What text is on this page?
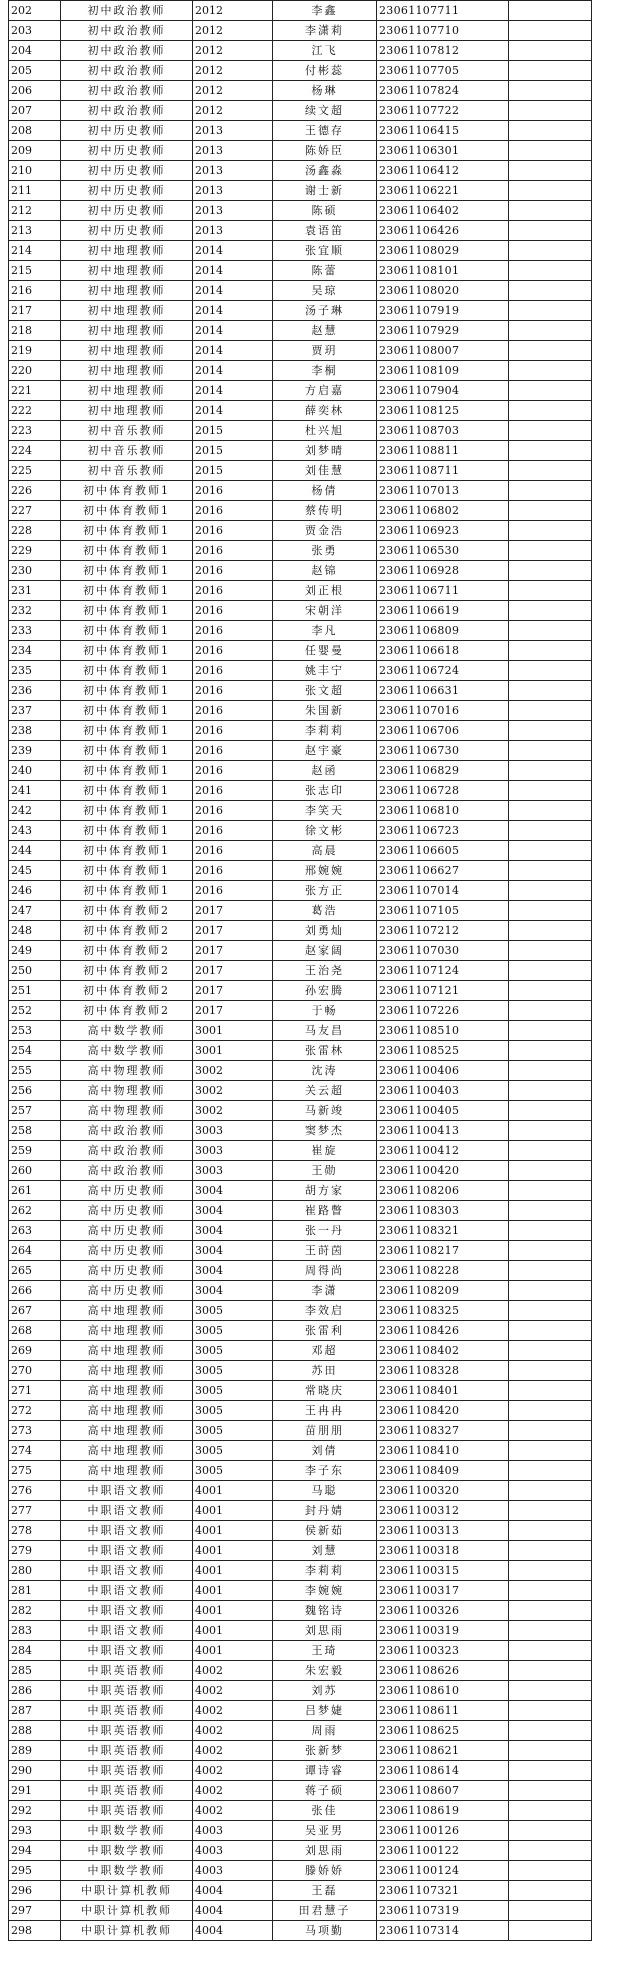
202	初中政治教师	2012	李鑫	23061107711	
203	初中政治教师	2012	李潇莉	23061107710	
204	初中政治教师	2012	江飞	23061107812	
205	初中政治教师	2012	付彬蕊	23061107705	
206	初中政治教师	2012	杨琳	23061107824	
207	初中政治教师	2012	续文超	23061107722	
208	初中历史教师	2013	王德存	23061106415	
209	初中历史教师	2013	陈娇臣	23061106301	
210	初中历史教师	2013	汤鑫淼	23061106412	
211	初中历史教师	2013	谢士新	23061106221	
212	初中历史教师	2013	陈硕	23061106402	
213	初中历史教师	2013	袁语笛	23061106426	
214	初中地理教师	2014	张宜顺	23061108029	
215	初中地理教师	2014	陈蕾	23061108101	
216	初中地理教师	2014	吴琼	23061108020	
217	初中地理教师	2014	汤子琳	23061107919	
218	初中地理教师	2014	赵慧	23061107929	
219	初中地理教师	2014	贾玥	23061108007	
220	初中地理教师	2014	李桐	23061108109	
221	初中地理教师	2014	方启嘉	23061107904	
222	初中地理教师	2014	薛奕林	23061108125	
223	初中音乐教师	2015	杜兴旭	23061108703	
224	初中音乐教师	2015	刘梦晴	23061108811	
225	初中音乐教师	2015	刘佳慧	23061108711	
226	初中体育教师1	2016	杨倩	23061107013	
227	初中体育教师1	2016	蔡传明	23061106802	
228	初中体育教师1	2016	贾金浩	23061106923	
229	初中体育教师1	2016	张勇	23061106530	
230	初中体育教师1	2016	赵锦	23061106928	
231	初中体育教师1	2016	刘正根	23061106711	
232	初中体育教师1	2016	宋朝洋	23061106619	
233	初中体育教师1	2016	李凡	23061106809	
234	初中体育教师1	2016	任婴曼	23061106618	
235	初中体育教师1	2016	姚丰宁	23061106724	
236	初中体育教师1	2016	张文超	23061106631	
237	初中体育教师1	2016	朱国新	23061107016	
238	初中体育教师1	2016	李莉莉	23061106706	
239	初中体育教师1	2016	赵宇豪	23061106730	
240	初中体育教师1	2016	赵函	23061106829	
241	初中体育教师1	2016	张志印	23061106728	
242	初中体育教师1	2016	李笑天	23061106810	
243	初中体育教师1	2016	徐文彬	23061106723	
244	初中体育教师1	2016	高晨	23061106605	
245	初中体育教师1	2016	邢婉婉	23061106627	
246	初中体育教师1	2016	张方正	23061107014	
247	初中体育教师2	2017	葛浩	23061107105	
248	初中体育教师2	2017	刘勇灿	23061107212	
249	初中体育教师2	2017	赵家阔	23061107030	
250	初中体育教师2	2017	王治尧	23061107124	
251	初中体育教师2	2017	孙宏腾	23061107121	
252	初中体育教师2	2017	于畅	23061107226	
253	高中数学教师	3001	马友昌	23061108510	
254	高中数学教师	3001	张雷林	23061108525	
255	高中物理教师	3002	沈涛	23061100406	
256	高中物理教师	3002	关云超	23061100403	
257	高中物理教师	3002	马新竣	23061100405	
258	高中政治教师	3003	窦梦杰	23061100413	
259	高中政治教师	3003	崔旋	23061100412	
260	高中政治教师	3003	王勋	23061100420	
261	高中历史教师	3004	胡方家	23061108206	
262	高中历史教师	3004	崔路瞥	23061108303	
263	高中历史教师	3004	张一丹	23061108321	
264	高中历史教师	3004	王莳茵	23061108217	
265	高中历史教师	3004	周得尚	23061108228	
266	高中历史教师	3004	李潇	23061108209	
267	高中地理教师	3005	李效启	23061108325	
268	高中地理教师	3005	张雷利	23061108426	
269	高中地理教师	3005	邓超	23061108402	
270	高中地理教师	3005	苏田	23061108328	
271	高中地理教师	3005	常晓庆	23061108401	
272	高中地理教师	3005	王冉冉	23061108420	
273	高中地理教师	3005	苗朋朋	23061108327	
274	高中地理教师	3005	刘倩	23061108410	
275	高中地理教师	3005	李子东	23061108409	
276	中职语文教师	4001	马聪	23061100320	
277	中职语文教师	4001	封丹婧	23061100312	
278	中职语文教师	4001	侯新茹	23061100313	
279	中职语文教师	4001	刘慧	23061100318	
280	中职语文教师	4001	李莉莉	23061100315	
281	中职语文教师	4001	李婉婉	23061100317	
282	中职语文教师	4001	魏铭诗	23061100326	
283	中职语文教师	4001	刘思雨	23061100319	
284	中职语文教师	4001	王琦	23061100323	
285	中职英语教师	4002	朱宏毅	23061108626	
286	中职英语教师	4002	刘苏	23061108610	
287	中职英语教师	4002	吕梦婕	23061108611	
288	中职英语教师	4002	周雨	23061108625	
289	中职英语教师	4002	张新梦	23061108621	
290	中职英语教师	4002	谭诗睿	23061108614	
291	中职英语教师	4002	蒋子硕	23061108607	
292	中职英语教师	4002	张佳	23061108619	
293	中职数学教师	4003	吴亚男	23061100126	
294	中职数学教师	4003	刘思雨	23061100122	
295	中职数学教师	4003	滕娇娇	23061100124	
296	中职计算机教师	4004	王磊	23061107321	
297	中职计算机教师	4004	田君慧子	23061107319	
298	中职计算机教师	4004	马项勤	23061107314	
